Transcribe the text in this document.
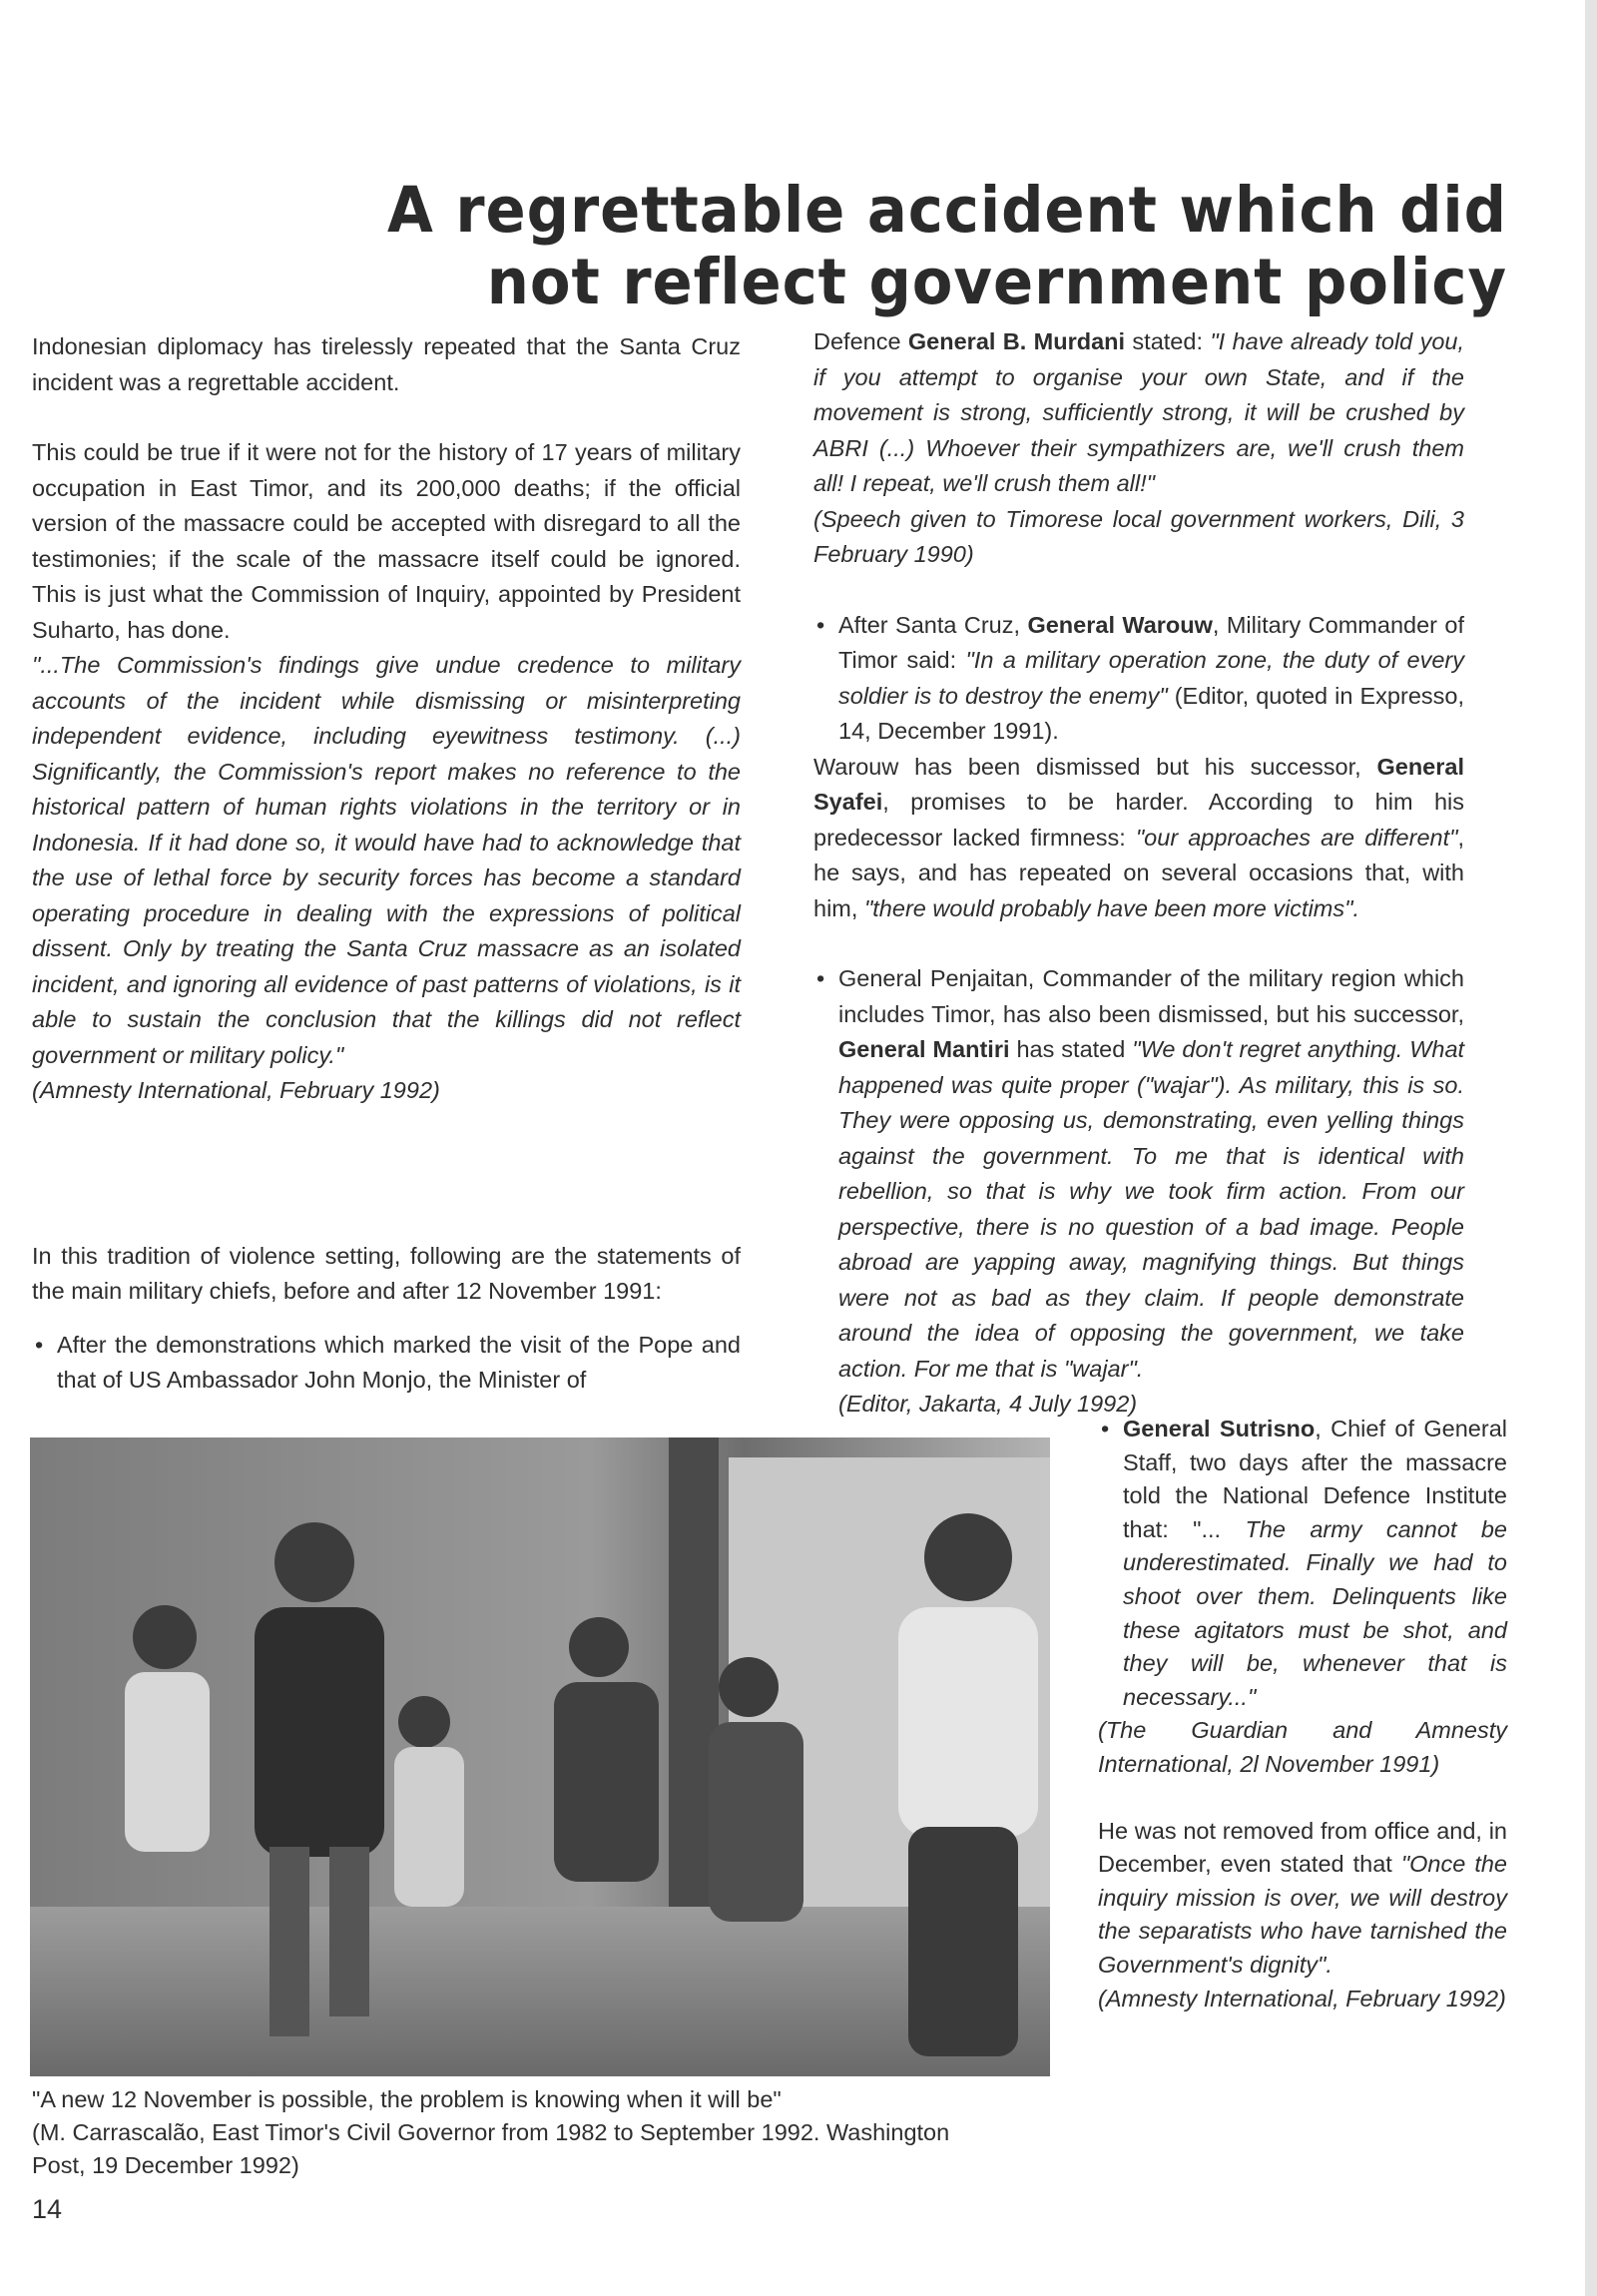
A regrettable accident which did not reflect government policy

Indonesian diplomacy has tirelessly repeated that the Santa Cruz incident was a regrettable accident.

This could be true if it were not for the history of 17 years of military occupation in East Timor, and its 200,000 deaths; if the official version of the massacre could be accepted with disregard to all the testimonies; if the scale of the massacre itself could be ignored. This is just what the Commission of Inquiry, appointed by President Suharto, has done.

"...The Commission's findings give undue credence to military accounts of the incident while dismissing or misinterpreting independent evidence, including eyewitness testimony. (...) Significantly, the Commission's report makes no reference to the historical pattern of human rights violations in the territory or in Indonesia. If it had done so, it would have had to acknowledge that the use of lethal force by security forces has become a standard operating procedure in dealing with the expressions of political dissent. Only by treating the Santa Cruz massacre as an isolated incident, and ignoring all evidence of past patterns of violations, is it able to sustain the conclusion that the killings did not reflect government or military policy."

(Amnesty International, February 1992)

In this tradition of violence setting, following are the statements of the main military chiefs, before and after 12 November 1991:

• After the demonstrations which marked the visit of the Pope and that of US Ambassador John Monjo, the Minister of

Defence General B. Murdani stated: "I have already told you, if you attempt to organise your own State, and if the movement is strong, sufficiently strong, it will be crushed by ABRI (...) Whoever their sympathizers are, we'll crush them all! I repeat, we'll crush them all!"

(Speech given to Timorese local government workers, Dili, 3 February 1990)

• After Santa Cruz, General Warouw, Military Commander of Timor said: "In a military operation zone, the duty of every soldier is to destroy the enemy" (Editor, quoted in Expresso, 14, December 1991).

Warouw has been dismissed but his successor, General Syafei, promises to be harder. According to him his predecessor lacked firmness: "our approaches are different", he says, and has repeated on several occasions that, with him, "there would probably have been more victims".

• General Penjaitan, Commander of the military region which includes Timor, has also been dismissed, but his successor, General Mantiri has stated "We don't regret anything. What happened was quite proper ("wajar"). As military, this is so. They were opposing us, demonstrating, even yelling things against the government. To me that is identical with rebellion, so that is why we took firm action. From our perspective, there is no question of a bad image. People abroad are yapping away, magnifying things. But things were not as bad as they claim. If people demonstrate around the idea of opposing the government, we take action. For me that is "wajar".

(Editor, Jakarta, 4 July 1992)

• General Sutrisno, Chief of General Staff, two days after the massacre told the National Defence Institute that: "... The army cannot be underestimated. Finally we had to shoot over them. Delinquents like these agitators must be shot, and they will be, whenever that is necessary..."

(The Guardian and Amnesty International, 2l November 1991)

He was not removed from office and, in December, even stated that "Once the inquiry mission is over, we will destroy the separatists who have tarnished the Government's dignity".

(Amnesty International, February 1992)

"A new 12 November is possible, the problem is knowing when it will be"
(M. Carrascalão, East Timor's Civil Governor from 1982 to September 1992. Washington
Post, 19 December 1992)
14
